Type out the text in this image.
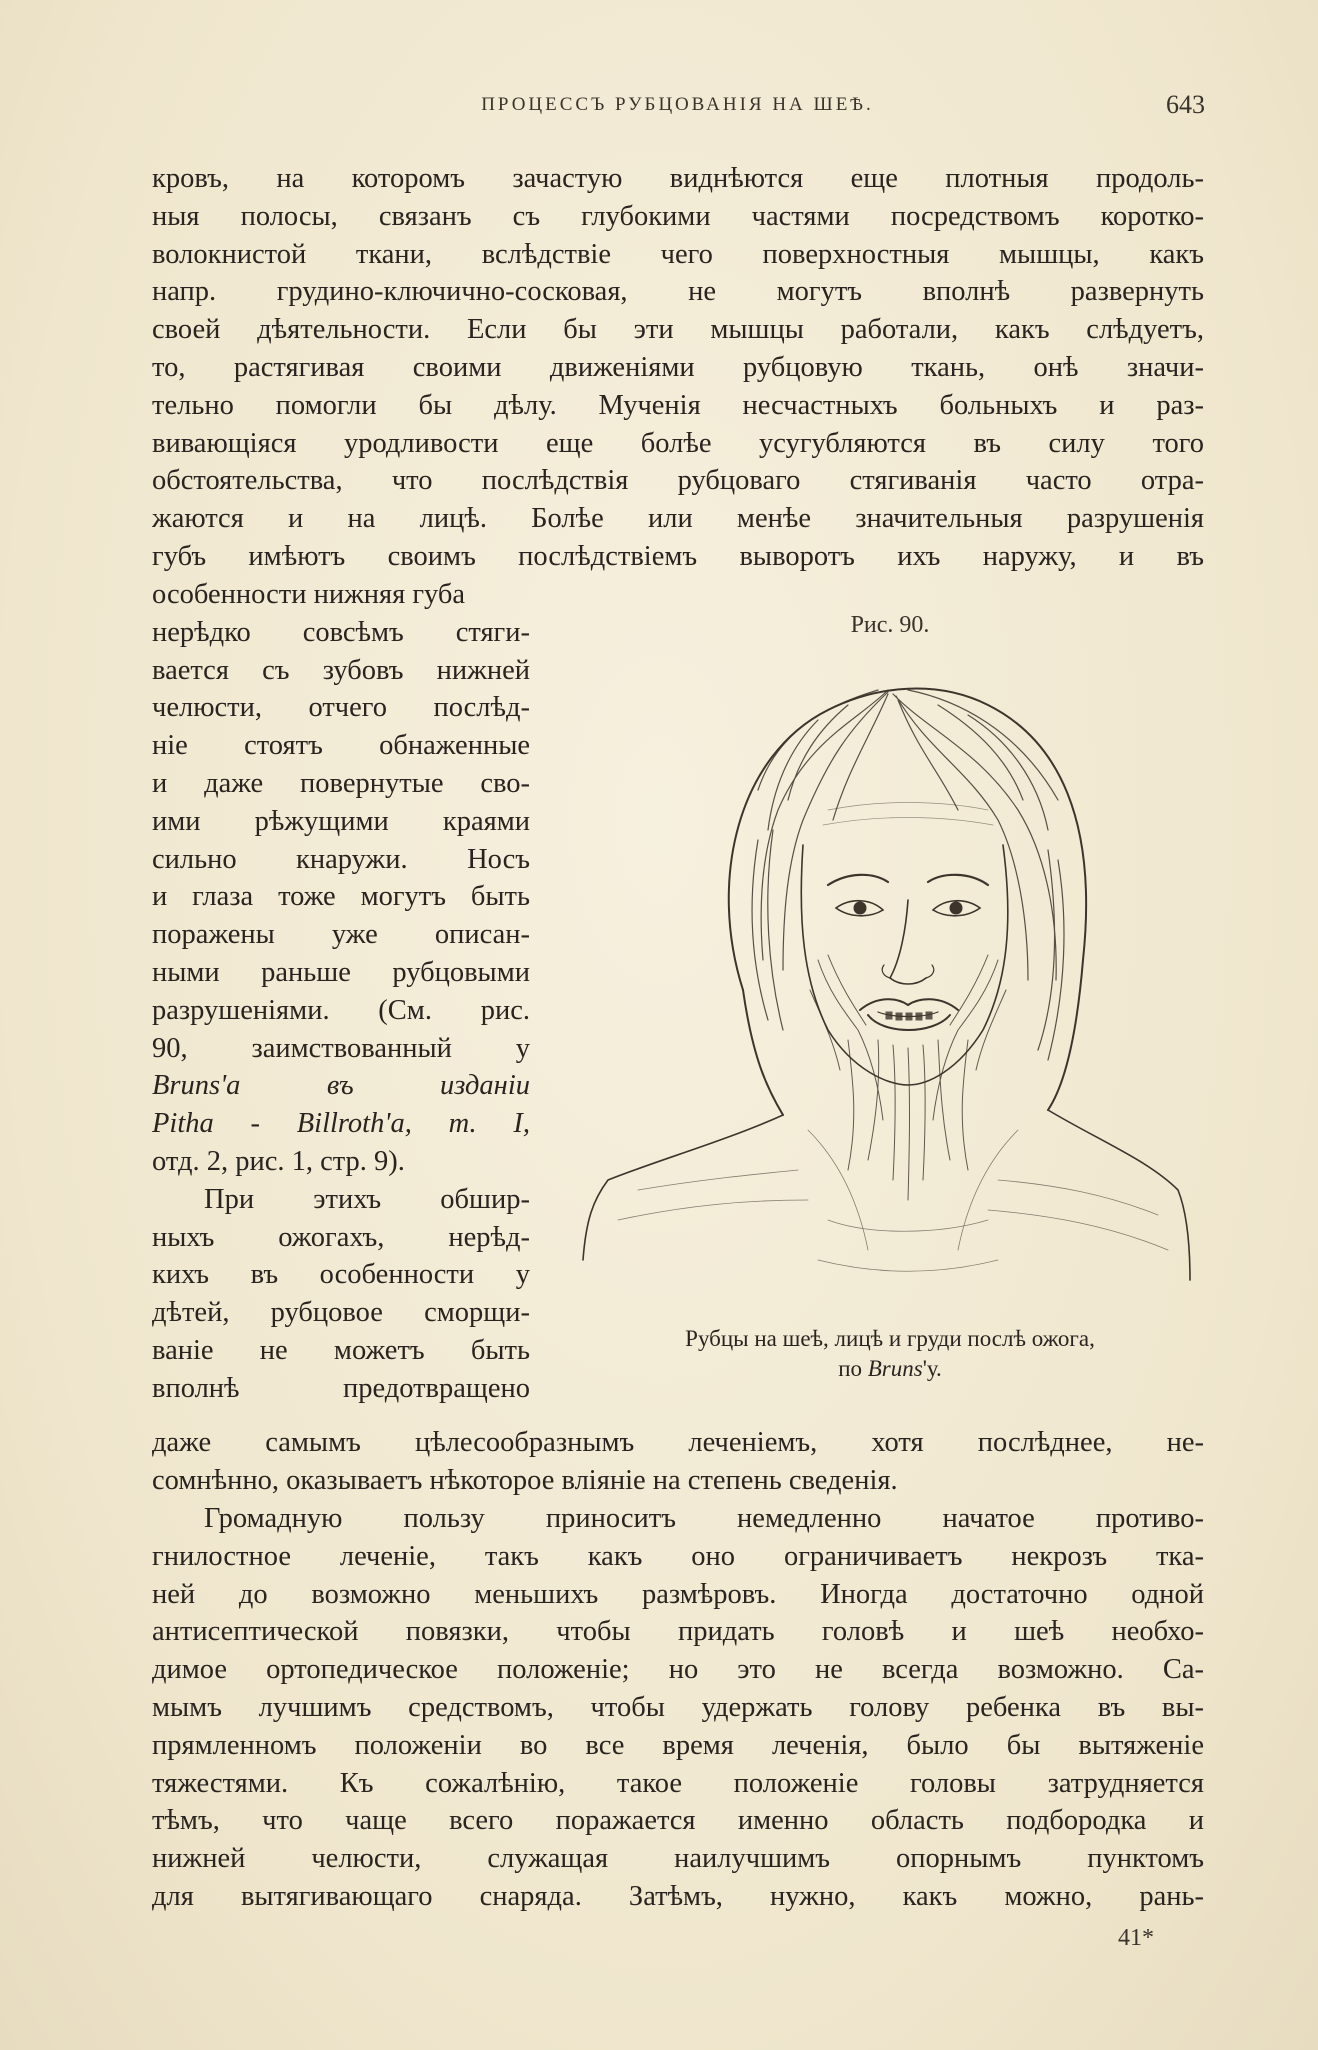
ПРОЦЕССЪ РУБЦОВАНІЯ НА ШЕѢ.	643
кровъ, на которомъ зачастую виднѣются еще плотныя продоль-
ныя полосы, связанъ съ глубокими частями посредствомъ коротко-
волокнистой ткани, вслѣдствіе чего поверхностныя мышцы, какъ
напр. грудино-ключично-сосковая, не могутъ вполнѣ развернуть
своей дѣятельности. Если бы эти мышцы работали, какъ слѣдуетъ,
то, растягивая своими движеніями рубцовую ткань, онѣ значи-
тельно помогли бы дѣлу. Мученія несчастныхъ больныхъ и раз-
вивающіяся уродливости еще болѣе усугубляются въ силу того
обстоятельства, что послѣдствія рубцоваго стягиванія часто отра-
жаются и на лицѣ. Болѣе или менѣе значительныя разрушенія
губъ имѣютъ своимъ послѣдствіемъ выворотъ ихъ наружу, и въ
особенности нижняя губа
нерѣдко совсѣмъ стяги-
вается съ зубовъ нижней
челюсти, отчего послѣд-
ніе стоятъ обнаженные
и даже повернутые сво-
ими рѣжущими краями
сильно кнаружи. Носъ
и глаза тоже могутъ быть
поражены уже описан-
ными раньше рубцовыми
разрушеніями. (См. рис.
90, заимствованный у
Bruns'а въ изданіи
Pitha - Billroth'а, т. I,
отд. 2, рис. 1, стр. 9).
При этихъ обшир-
ныхъ ожогахъ, нерѣд-
кихъ въ особенности у
дѣтей, рубцовое сморщи-
ваніе не можетъ быть
вполнѣ предотвращено
Рис. 90.
Рубцы на шеѣ, лицѣ и груди послѣ ожога,
по Bruns'у.
даже самымъ цѣлесообразнымъ леченіемъ, хотя послѣднее, не-
сомнѣнно, оказываетъ нѣкоторое вліяніе на степень сведенія.
Громадную пользу приноситъ немедленно начатое противо-
гнилостное леченіе, такъ какъ оно ограничиваетъ некрозъ тка-
ней до возможно меньшихъ размѣровъ. Иногда достаточно одной
антисептической повязки, чтобы придать головѣ и шеѣ необхо-
димое ортопедическое положеніе; но это не всегда возможно. Са-
мымъ лучшимъ средствомъ, чтобы удержать голову ребенка въ вы-
прямленномъ положеніи во все время леченія, было бы вытяженіе
тяжестями. Къ сожалѣнію, такое положеніе головы затрудняется
тѣмъ, что чаще всего поражается именно область подбородка и
нижней челюсти, служащая наилучшимъ опорнымъ пунктомъ
для вытягивающаго снаряда. Затѣмъ, нужно, какъ можно, рань-
41*
